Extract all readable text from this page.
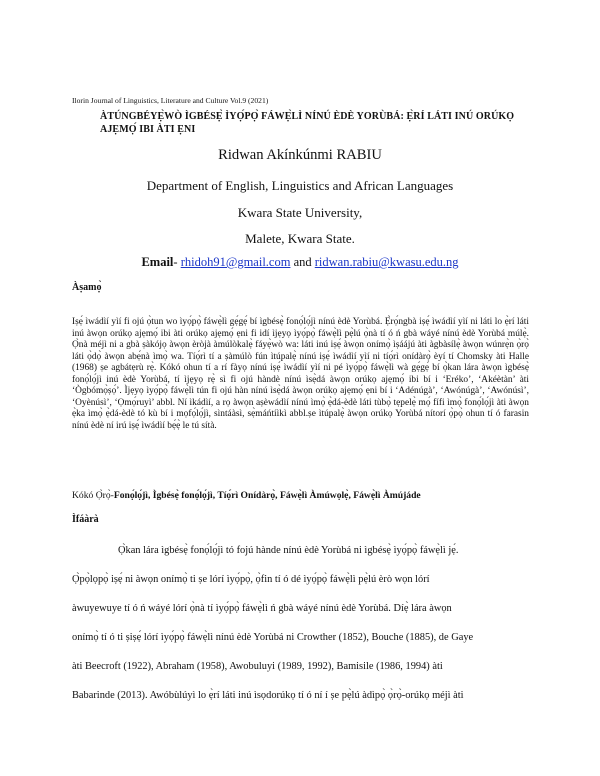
Ilorin Journal of Linguistics, Literature and Culture Vol.9 (2021)
ÀTÚNGBÉYẸ̀WÒ ÌGBÉSẸ̀ ÌYỌ́PỌ̀ FÁWẸ̀LÌ NÍNÚ ÈDÈ YORÙBÁ: Ẹ̀RÍ LÁTI INÚ ORÚKỌ AJẸMỌ́ IBI ÀTI ẸNI
Ridwan Akínkúnmi RABIU
Department of English, Linguistics and African Languages
Kwara State University,
Malete, Kwara State.
Email- rhidoh91@gmail.com and ridwan.rabiu@kwasu.edu.ng
Àṣamọ̀
Iṣẹ́ ìwádìí yìí fi ojú ọ̀tun wo ìyọ́pọ̀ fáwẹ̀lì gẹ́gẹ́ bí ìgbésẹ̀ fonọ́lọ́jì nínú èdè Yorùbá. Ẹ̀rọ́ngbà iṣẹ́ ìwádìí yìí ni láti lo ẹ̀rí láti inú àwọn orúkọ ajẹmọ́ ibi àti orúkọ ajẹmọ́ ẹni fi idí ìjẹyọ ìyọ́pọ̀ fáwẹ̀lì pẹ̀lú ọ̀nà tí ó ń gbà wáyé nínú èdè Yorùbá múlẹ̀. Ọ̀nà méjì ni a gbà ṣàkójọ àwọn èròjà àmúlòkalẹ̀ fáyẹ̀wò wa: láti inú iṣẹ́ àwọn onímọ̀ ìṣáájú àti àgbàsílẹ̀ àwọn wúnrẹ̀n ọ̀rọ̀ láti ọ̀dọ̀ àwọn abẹ́nà ìmọ̀ wa. Tíọ́rì tí a ṣàmúlò fún ìtúpalẹ̀ nínú iṣẹ́ ìwádìí yìí ni tíọ́rì onídàrọ̀ èyí tí Chomsky àti Halle (1968) ṣe agbátẹrù rẹ̀. Kókó ohun tí a rí fàyọ nínú iṣẹ́ ìwádìí yìí ni pé ìyọ́pọ̀ fáwẹ̀lì wà gẹ́gẹ́ bí ọ̀kan lára àwọn ìgbésẹ̀ fonọ́lọ́jì inú èdè Yorùbá, tí ìjẹyọ rẹ̀ sì fi ojú hàndè nínú ìsẹ̀dá àwọn orúkọ ajẹmọ́ ibi bí i ‘Eréko’, ‘Akéètàn’ àti ‘Ògbómọ̀ṣọ́’. Ìjẹyọ ìyọ́pọ̀ fáwẹ̀lì tún fi ojú hàn nínú ìsẹ̀dá àwọn orúkọ ajẹmọ́ ẹni bí i ‘Adénúgà’, ‘Awónúgà’, ‘Awónúsì’, ‘Oyènúsì’, ‘Ọmọ́ruyì’ abbl. Ní ìkádìí, a rọ àwọn aṣèwádìí nínú ìmọ̀ ẹ̀dá-èdè láti tùbọ̀ tẹpelẹ̀ mọ́ fífi ìmọ̀ fonọ́lọ́jì àti àwọn ẹ̀ka ìmọ̀ ẹ̀dá-èdè tó kù bí i mọfọ́lọ́jì, sìntáàsì, sẹ̀máńtíìkì abbl.ṣe ìtúpalẹ̀ àwọn orúkọ Yorùbá nítorí ọ̀pọ̀ ohun tí ó farasin nínú èdè ní irú iṣẹ́ ìwádìí bẹ́ẹ̀ le tú sítà.
Kókó Ọ̀rọ̀-Fonọ́lọ́jì, Ìgbésẹ̀ fonọ́lọ́jì, Tíọ́rì Onídàrọ̀, Fáwẹ̀lì Àmúwọlẹ̀, Fáwẹ̀lì Àmújáde
Ìfáàrà
Ọ̀kan lára ìgbésẹ̀ fonọ́lọ́jì tó fojú hànde nínú èdè Yorùbá ni ìgbésẹ̀ ìyọ́pọ̀ fáwẹ̀lì jẹ́.
Ọ̀pọ̀lọpọ̀ iṣẹ́ ni àwọn onímọ̀ ti ṣe lórí ìyọ́pọ̀, ọ̀fin tí ó dé ìyọ́pọ̀ fáwẹ̀lì pẹ̀lú èrò wọn lórí
àwuyewuye tí ó ń wáyé lórí ọ̀nà tí ìyọ́pọ̀ fáwẹ̀lì ń gbà wáyé nínú èdè Yorùbá. Díẹ̀ lára àwọn
onímọ̀ tí ó ti ṣiṣẹ́ lórí ìyọ́pọ̀ fáwẹ̀lì nínú èdè Yorùbá ni Crowther (1852), Bouche (1885), de Gaye
àti Beecroft (1922), Abraham (1958), Awobuluyi (1989, 1992), Bamisile (1986, 1994) àti
Babarinde (2013). Awóbùlúyì lo ẹ̀rí láti inú ìsọdorúkọ tí ó ní í ṣe pẹ̀lú àdìpọ̀ ọ̀rọ̀-orúkọ méjì àti
